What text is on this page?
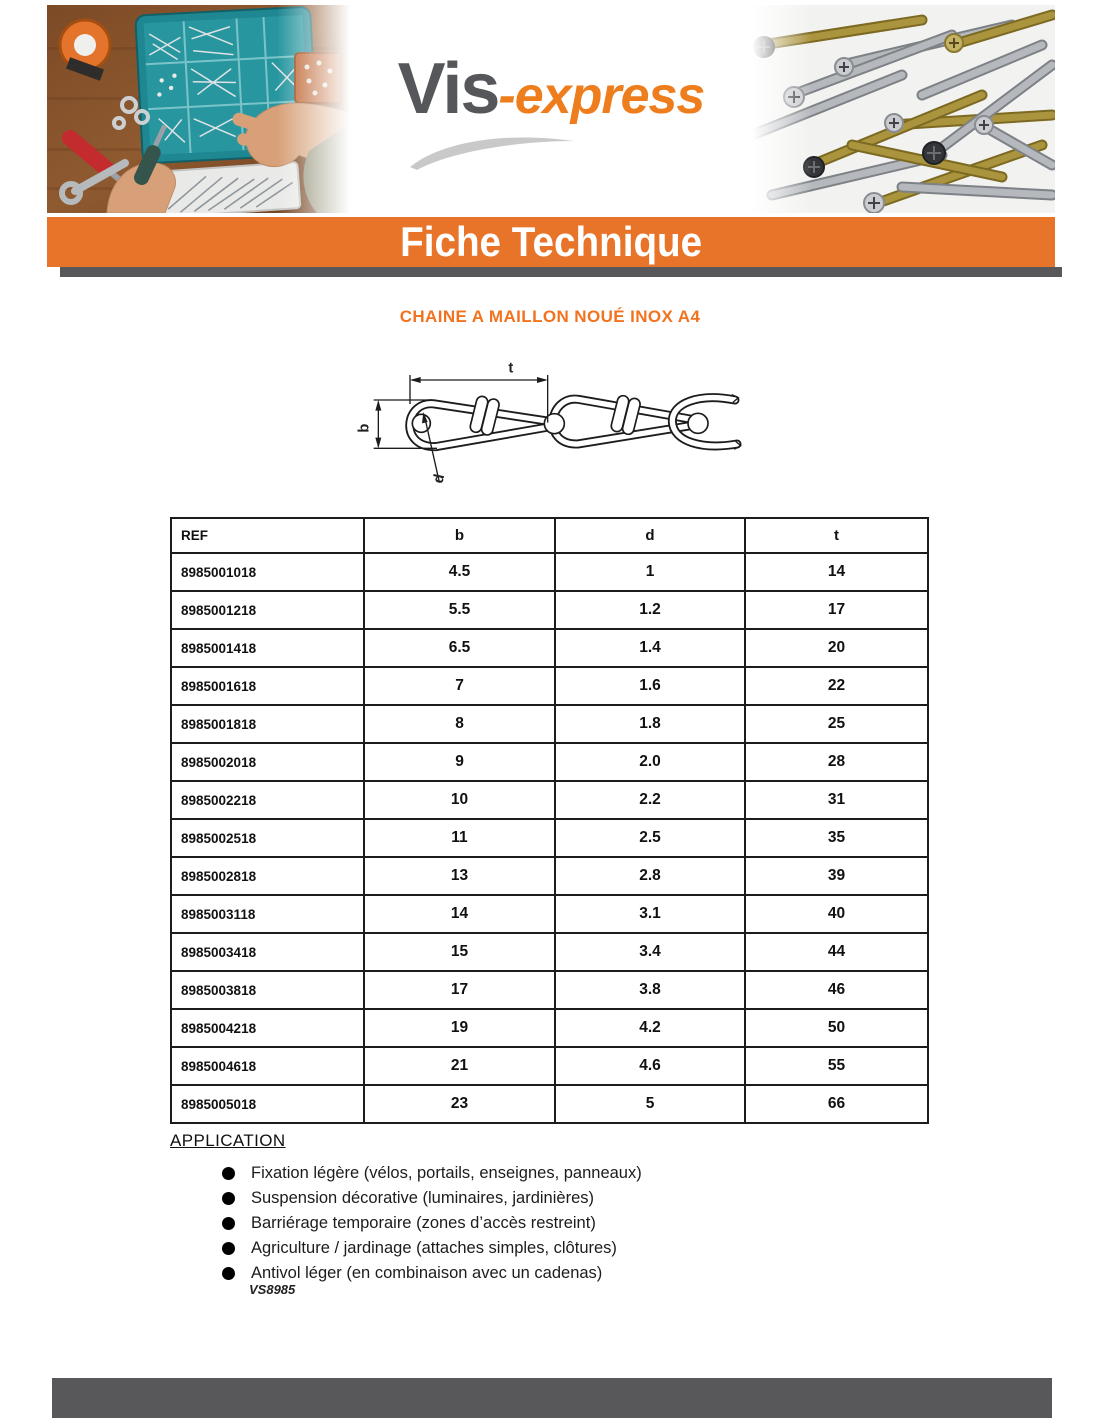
Vis -express
Fiche Technique
CHAINE A MAILLON NOUÉ INOX A4
t
b
d
REF	b	d	t
8985001018	4.5	1	14
8985001218	5.5	1.2	17
8985001418	6.5	1.4	20
8985001618	7	1.6	22
8985001818	8	1.8	25
8985002018	9	2.0	28
8985002218	10	2.2	31
8985002518	11	2.5	35
8985002818	13	2.8	39
8985003118	14	3.1	40
8985003418	15	3.4	44
8985003818	17	3.8	46
8985004218	19	4.2	50
8985004618	21	4.6	55
8985005018	23	5	66
APPLICATION
Fixation légère (vélos, portails, enseignes, panneaux)
Suspension décorative (luminaires, jardinières)
Barriérage temporaire (zones d’accès restreint)
Agriculture / jardinage (attaches simples, clôtures)
Antivol léger (en combinaison avec un cadenas)
VS8985
